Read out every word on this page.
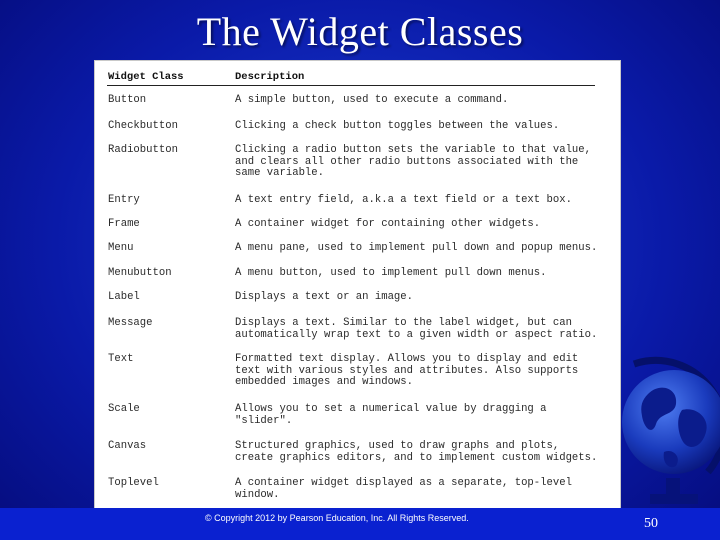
The Widget Classes
Widget Class	Description
Button	A simple button, used to execute a command.
Checkbutton	Clicking a check button toggles between the values.
Radiobutton	Clicking a radio button sets the variable to that value,
and clears all other radio buttons associated with the
same variable.
Entry	A text entry field, a.k.a a text field or a text box.
Frame	A container widget for containing other widgets.
Menu	A menu pane, used to implement pull down and popup menus.
Menubutton	A menu button, used to implement pull down menus.
Label	Displays a text or an image.
Message	Displays a text. Similar to the label widget, but can
automatically wrap text to a given width or aspect ratio.
Text	Formatted text display. Allows you to display and edit
text with various styles and attributes. Also supports
embedded images and windows.
Scale	Allows you to set a numerical value by dragging a
"slider".
Canvas	Structured graphics, used to draw graphs and plots,
create graphics editors, and to implement custom widgets.
Toplevel	A container widget displayed as a separate, top-level
window.
© Copyright 2012 by Pearson Education, Inc. All Rights Reserved.	50
